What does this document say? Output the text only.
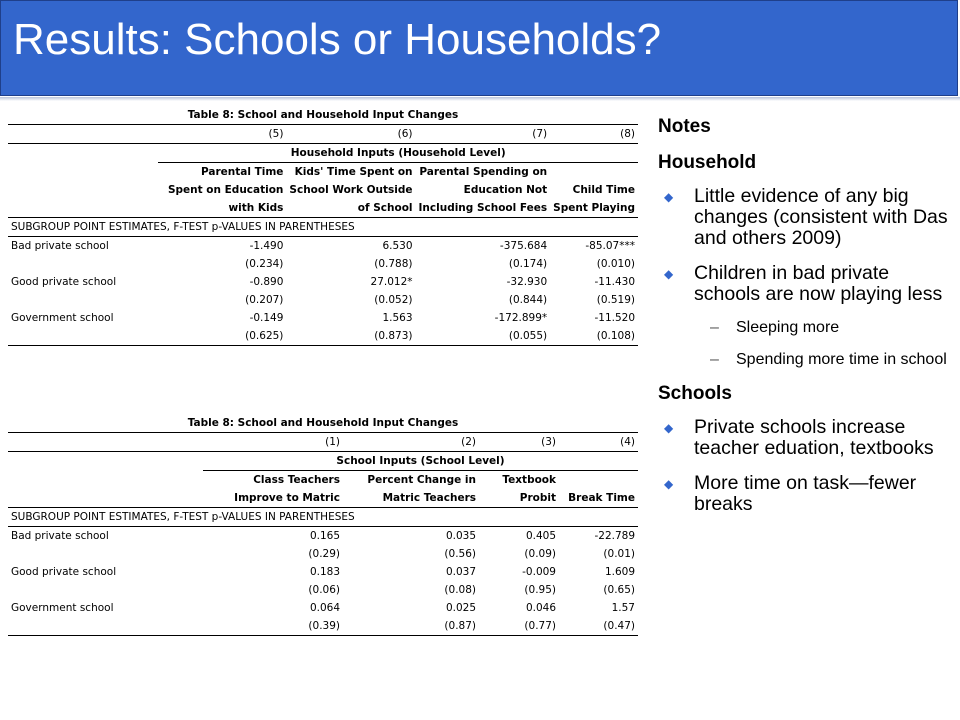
Results: Schools or Households?
Table 8: School and Household Input Changes				
	(5)	(6)	(7)	(8)
	Household Inputs (Household Level)			
	Parental Time	Kids' Time Spent on	Parental Spending on	
	Spent on Education	School Work Outside	Education Not	Child Time
	with Kids	of School	Including School Fees	Spent Playing
SUBGROUP POINT ESTIMATES, F-TEST p-VALUES IN PARENTHESES				
Bad private school	-1.490	6.530	-375.684	-85.07***
	(0.234)	(0.788)	(0.174)	(0.010)
Good private school	-0.890	27.012*	-32.930	-11.430
	(0.207)	(0.052)	(0.844)	(0.519)
Government school	-0.149	1.563	-172.899*	-11.520
	(0.625)	(0.873)	(0.055)	(0.108)
Table 8: School and Household Input Changes				
	(1)	(2)	(3)	(4)
	School Inputs (School Level)			
	Class Teachers	Percent Change in	Textbook	
	Improve to Matric	Matric Teachers	Probit	Break Time
SUBGROUP POINT ESTIMATES, F-TEST p-VALUES IN PARENTHESES				
Bad private school	0.165	0.035	0.405	-22.789
	(0.29)	(0.56)	(0.09)	(0.01)
Good private school	0.183	0.037	-0.009	1.609
	(0.06)	(0.08)	(0.95)	(0.65)
Government school	0.064	0.025	0.046	1.57
	(0.39)	(0.87)	(0.77)	(0.47)
Notes
Household
◆ Little evidence of any big changes (consistent with Das and others 2009)
◆ Children in bad private schools are now playing less
– Sleeping more
– Spending more time in school
Schools
◆ Private schools increase teacher eduation, textbooks
◆ More time on task—fewer breaks
